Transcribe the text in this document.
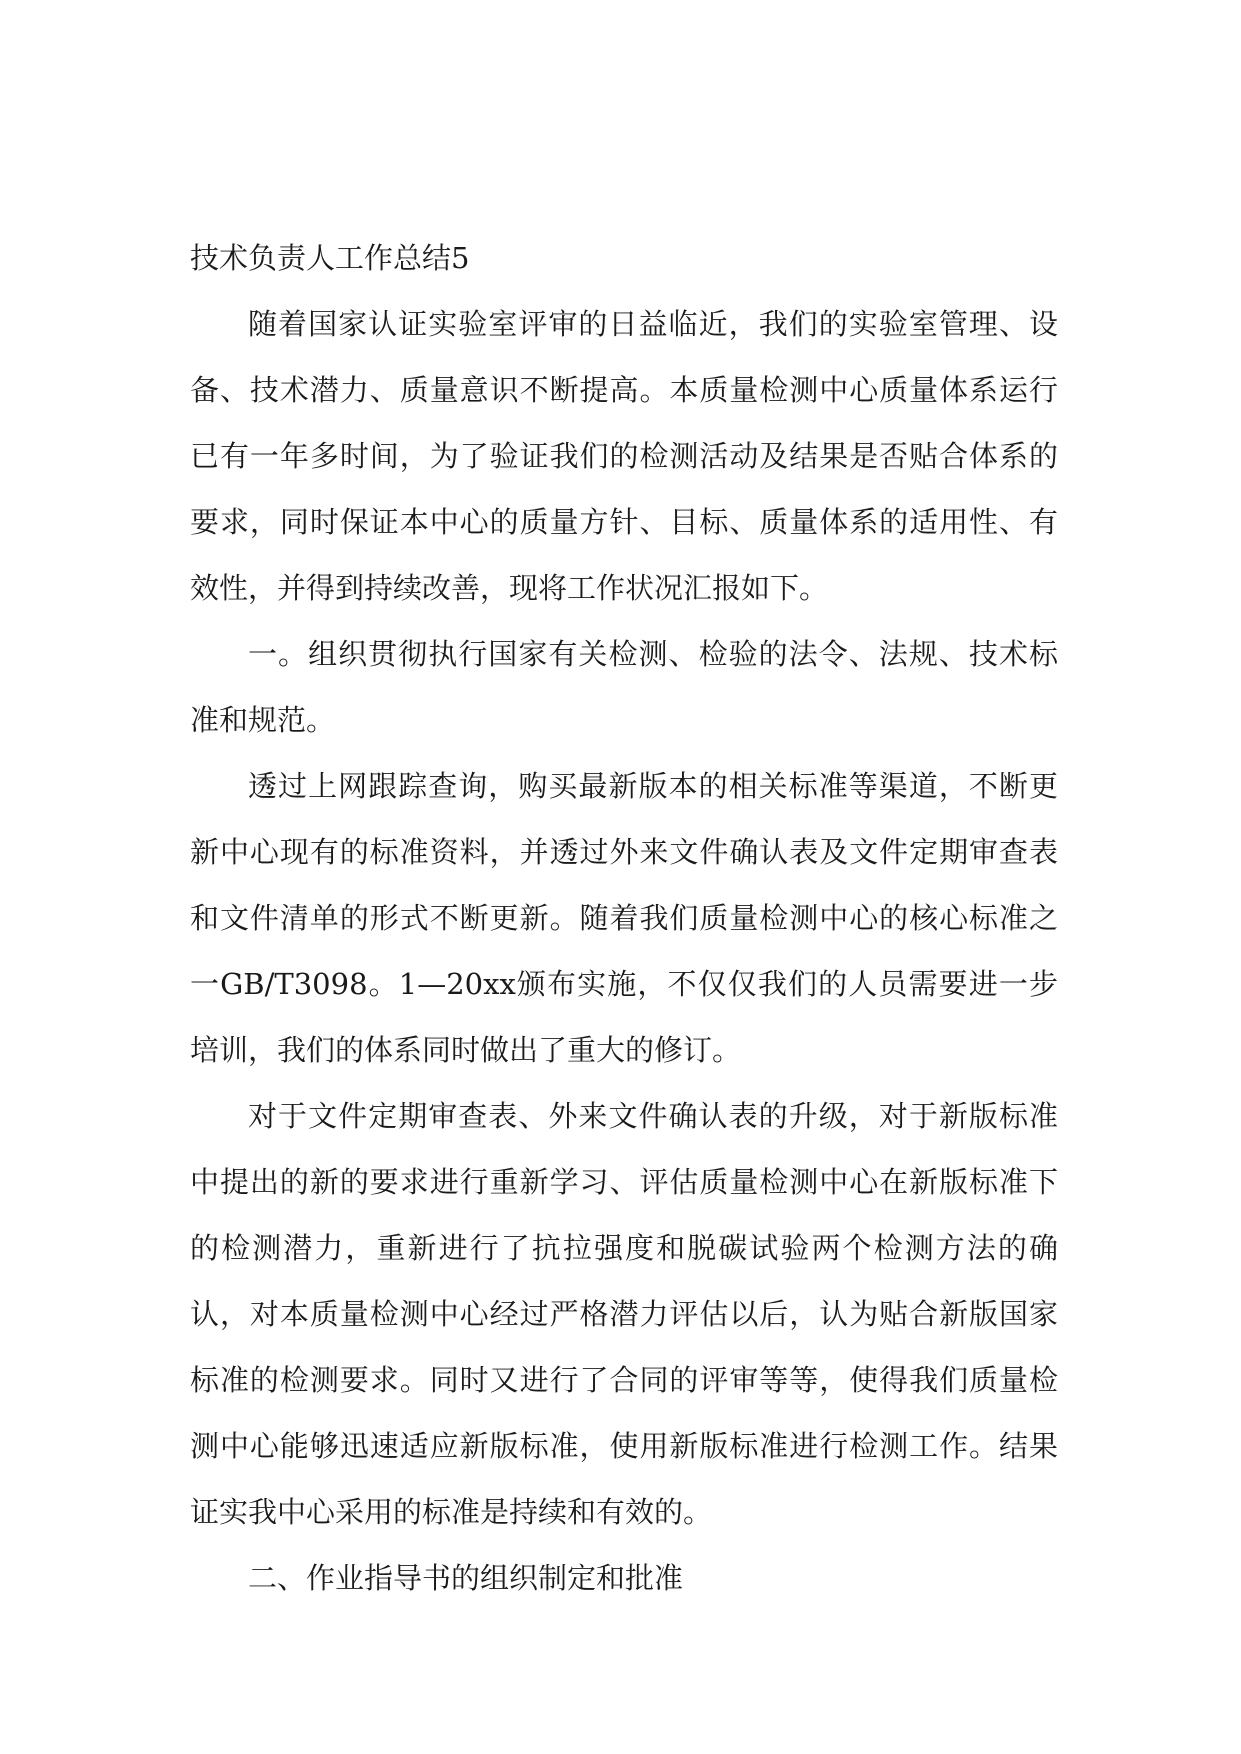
技术负责人工作总结5

随着国家认证实验室评审的日益临近，我们的实验室管理、设备、技术潜力、质量意识不断提高。本质量检测中心质量体系运行已有一年多时间，为了验证我们的检测活动及结果是否贴合体系的要求，同时保证本中心的质量方针、目标、质量体系的适用性、有效性，并得到持续改善，现将工作状况汇报如下。

一。组织贯彻执行国家有关检测、检验的法令、法规、技术标准和规范。

透过上网跟踪查询，购买最新版本的相关标准等渠道，不断更新中心现有的标准资料，并透过外来文件确认表及文件定期审查表和文件清单的形式不断更新。随着我们质量检测中心的核心标准之一GB/T3098。1—20xx颁布实施，不仅仅我们的人员需要进一步培训，我们的体系同时做出了重大的修订。

对于文件定期审查表、外来文件确认表的升级，对于新版标准中提出的新的要求进行重新学习、评估质量检测中心在新版标准下的检测潜力，重新进行了抗拉强度和脱碳试验两个检测方法的确认，对本质量检测中心经过严格潜力评估以后，认为贴合新版国家标准的检测要求。同时又进行了合同的评审等等，使得我们质量检测中心能够迅速适应新版标准，使用新版标准进行检测工作。结果证实我中心采用的标准是持续和有效的。

二、作业指导书的组织制定和批准
